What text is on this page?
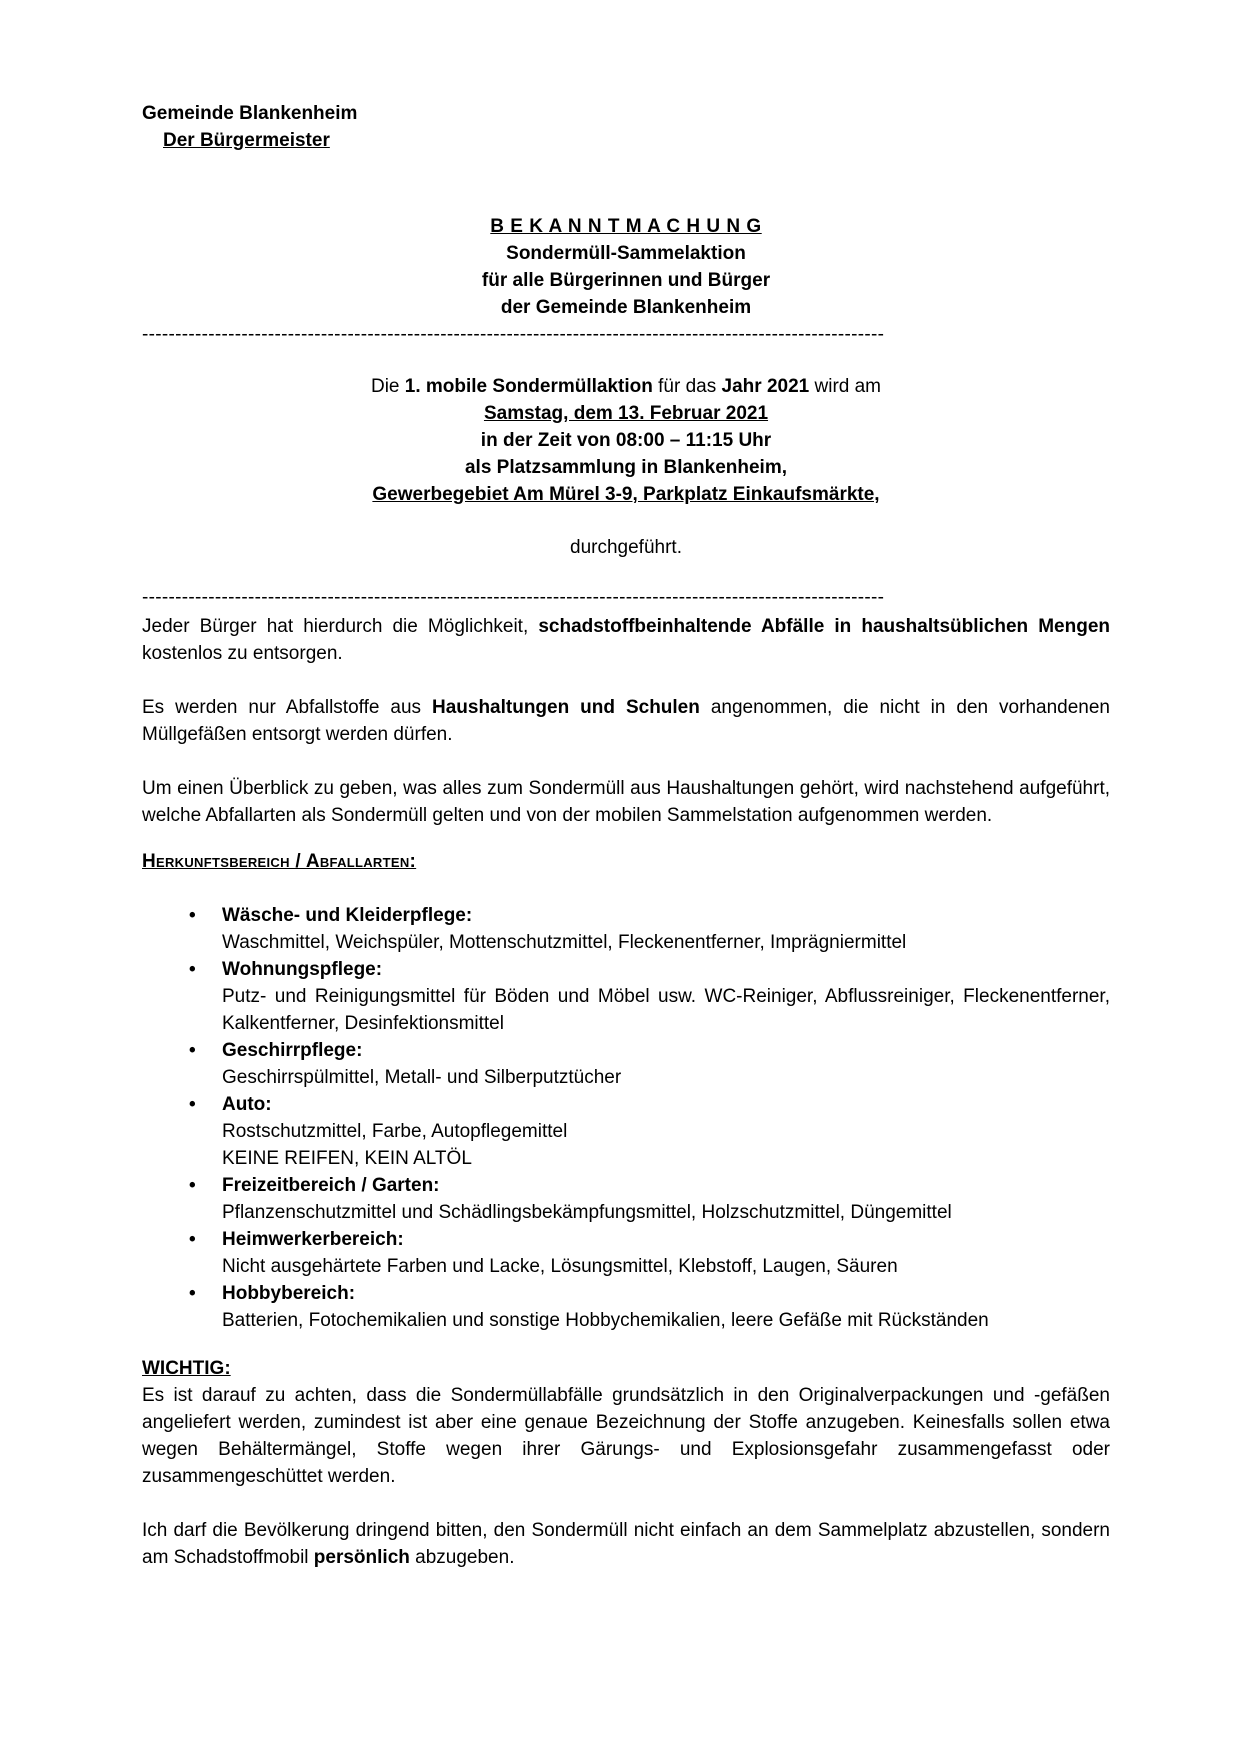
Gemeinde Blankenheim
Der Bürgermeister
B E K A N N T M A C H U N G
Sondermüll-Sammelaktion
für alle Bürgerinnen und Bürger
der Gemeinde Blankenheim
----------------------------------------------------------------------------------------------------------------

Die 1. mobile Sondermüllaktion für das Jahr 2021 wird am

Samstag, dem 13. Februar 2021
in der Zeit von 08:00 – 11:15 Uhr
als Platzsammlung in Blankenheim,
Gewerbegebiet Am Mürel 3-9, Parkplatz Einkaufsmärkte,

durchgeführt.

----------------------------------------------------------------------------------------------------------------

Jeder Bürger hat hierdurch die Möglichkeit, schadstoffbeinhaltende Abfälle in haushaltsüblichen Mengen kostenlos zu entsorgen.

Es werden nur Abfallstoffe aus Haushaltungen und Schulen angenommen, die nicht in den vorhandenen Müllgefäßen entsorgt werden dürfen.

Um einen Überblick zu geben, was alles zum Sondermüll aus Haushaltungen gehört, wird nachstehend aufgeführt, welche Abfallarten als Sondermüll gelten und von der mobilen Sammelstation aufgenommen werden.

Herkunftsbereich / Abfallarten:
• Wäsche- und Kleiderpflege:
Waschmittel, Weichspüler, Mottenschutzmittel, Fleckenentferner, Imprägniermittel
• Wohnungspflege:
Putz- und Reinigungsmittel für Böden und Möbel usw. WC-Reiniger, Abflussreiniger, Fleckenentferner, Kalkentferner, Desinfektionsmittel
• Geschirrpflege:
Geschirrspülmittel, Metall- und Silberputztücher
• Auto:
Rostschutzmittel, Farbe, Autopflegemittel
KEINE REIFEN, KEIN ALTÖL
• Freizeitbereich / Garten:
Pflanzenschutzmittel und Schädlingsbekämpfungsmittel, Holzschutzmittel, Düngemittel
• Heimwerkerbereich:
Nicht ausgehärtete Farben und Lacke, Lösungsmittel, Klebstoff, Laugen, Säuren
• Hobbybereich:
Batterien, Fotochemikalien und sonstige Hobbychemikalien, leere Gefäße mit Rückständen
WICHTIG:

Es ist darauf zu achten, dass die Sondermüllabfälle grundsätzlich in den Originalverpackungen und -gefäßen angeliefert werden, zumindest ist aber eine genaue Bezeichnung der Stoffe anzugeben. Keinesfalls sollen etwa wegen Behältermängel, Stoffe wegen ihrer Gärungs- und Explosionsgefahr zusammengefasst oder zusammengeschüttet werden.

Ich darf die Bevölkerung dringend bitten, den Sondermüll nicht einfach an dem Sammelplatz abzustellen, sondern am Schadstoffmobil persönlich abzugeben.
